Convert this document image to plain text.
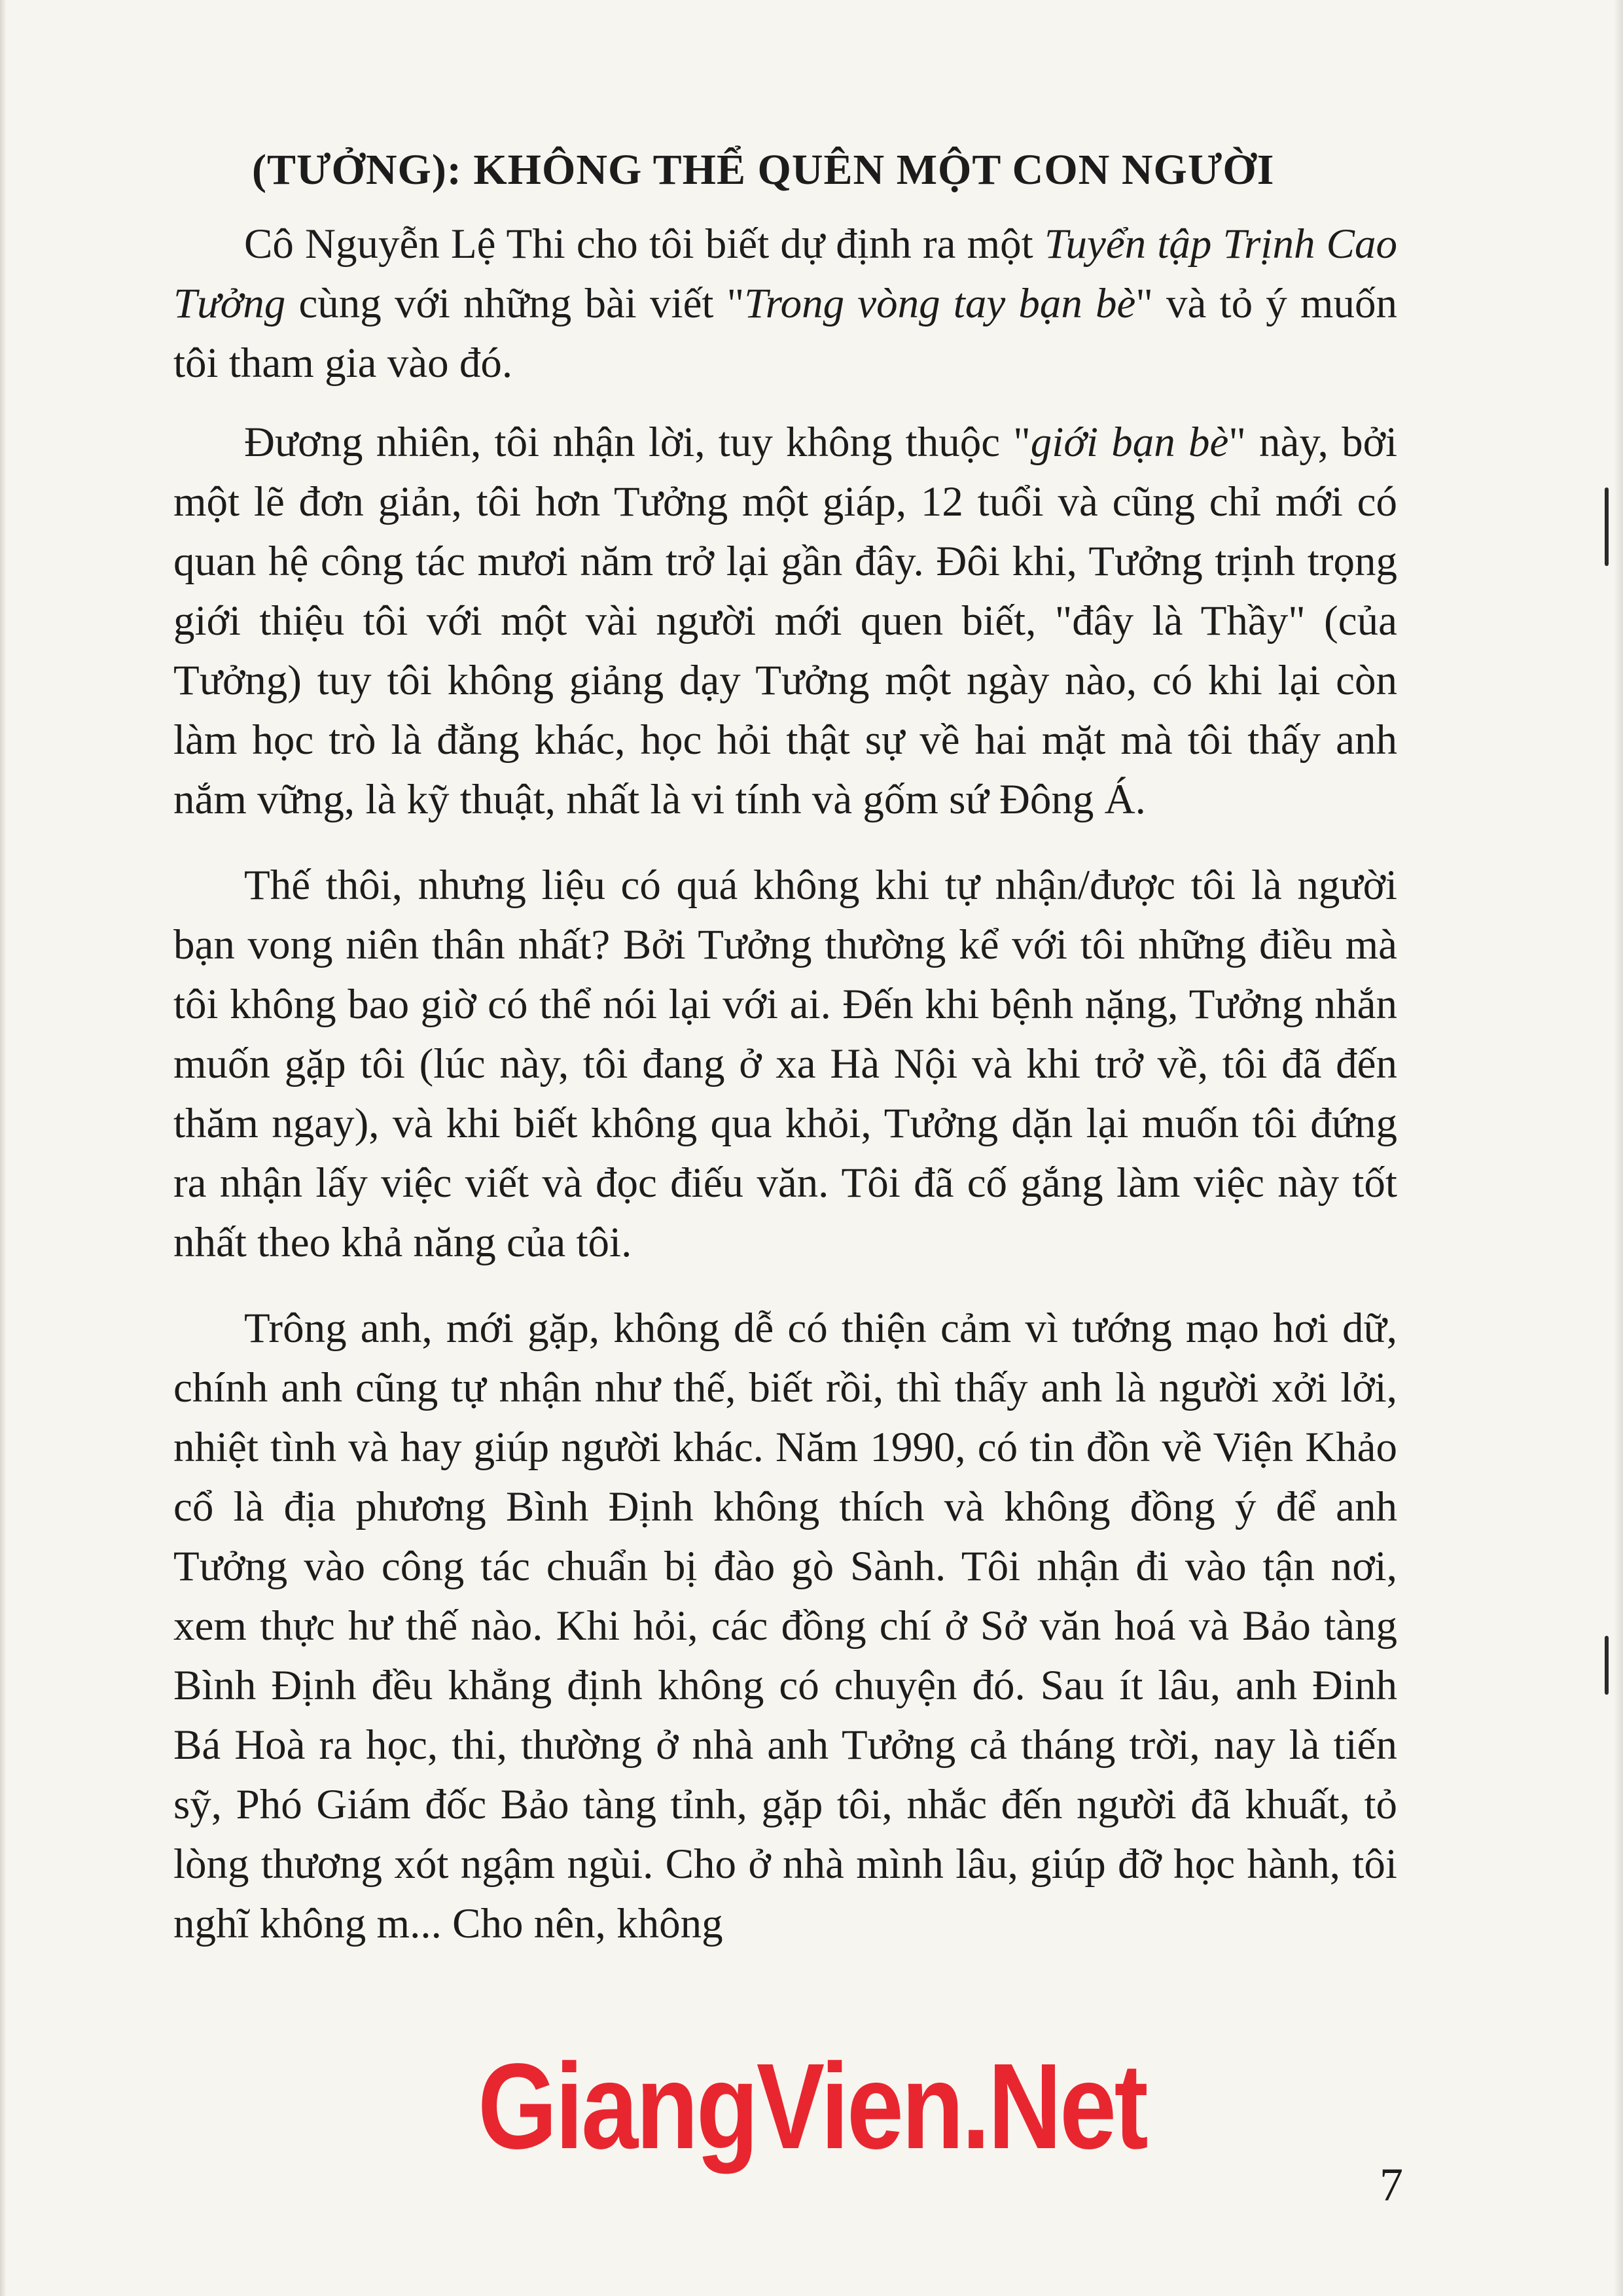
(TƯỞNG): KHÔNG THỂ QUÊN MỘT CON NGƯỜI

Cô Nguyễn Lệ Thi cho tôi biết dự định ra một Tuyển tập Trịnh Cao Tưởng cùng với những bài viết "Trong vòng tay bạn bè" và tỏ ý muốn tôi tham gia vào đó.

Đương nhiên, tôi nhận lời, tuy không thuộc "giới bạn bè" này, bởi một lẽ đơn giản, tôi hơn Tưởng một giáp, 12 tuổi và cũng chỉ mới có quan hệ công tác mươi năm trở lại gần đây. Đôi khi, Tưởng trịnh trọng giới thiệu tôi với một vài người mới quen biết, "đây là Thầy" (của Tưởng) tuy tôi không giảng dạy Tưởng một ngày nào, có khi lại còn làm học trò là đằng khác, học hỏi thật sự về hai mặt mà tôi thấy anh nắm vững, là kỹ thuật, nhất là vi tính và gốm sứ Đông Á.

Thế thôi, nhưng liệu có quá không khi tự nhận/được tôi là người bạn vong niên thân nhất? Bởi Tưởng thường kể với tôi những điều mà tôi không bao giờ có thể nói lại với ai. Đến khi bệnh nặng, Tưởng nhắn muốn gặp tôi (lúc này, tôi đang ở xa Hà Nội và khi trở về, tôi đã đến thăm ngay), và khi biết không qua khỏi, Tưởng dặn lại muốn tôi đứng ra nhận lấy việc viết và đọc điếu văn. Tôi đã cố gắng làm việc này tốt nhất theo khả năng của tôi.

Trông anh, mới gặp, không dễ có thiện cảm vì tướng mạo hơi dữ, chính anh cũng tự nhận như thế, biết rồi, thì thấy anh là người xởi lởi, nhiệt tình và hay giúp người khác. Năm 1990, có tin đồn về Viện Khảo cổ là địa phương Bình Định không thích và không đồng ý để anh Tưởng vào công tác chuẩn bị đào gò Sành. Tôi nhận đi vào tận nơi, xem thực hư thế nào. Khi hỏi, các đồng chí ở Sở văn hoá và Bảo tàng Bình Định đều khẳng định không có chuyện đó. Sau ít lâu, anh Đinh Bá Hoà ra học, thi, thường ở nhà anh Tưởng cả tháng trời, nay là tiến sỹ, Phó Giám đốc Bảo tàng tỉnh, gặp tôi, nhắc đến người đã khuất, tỏ lòng thương xót ngậm ngùi. Cho ở nhà mình lâu, giúp đỡ học hành, tôi nghĩ không m... Cho nên, không

7
GiangVien.Net
